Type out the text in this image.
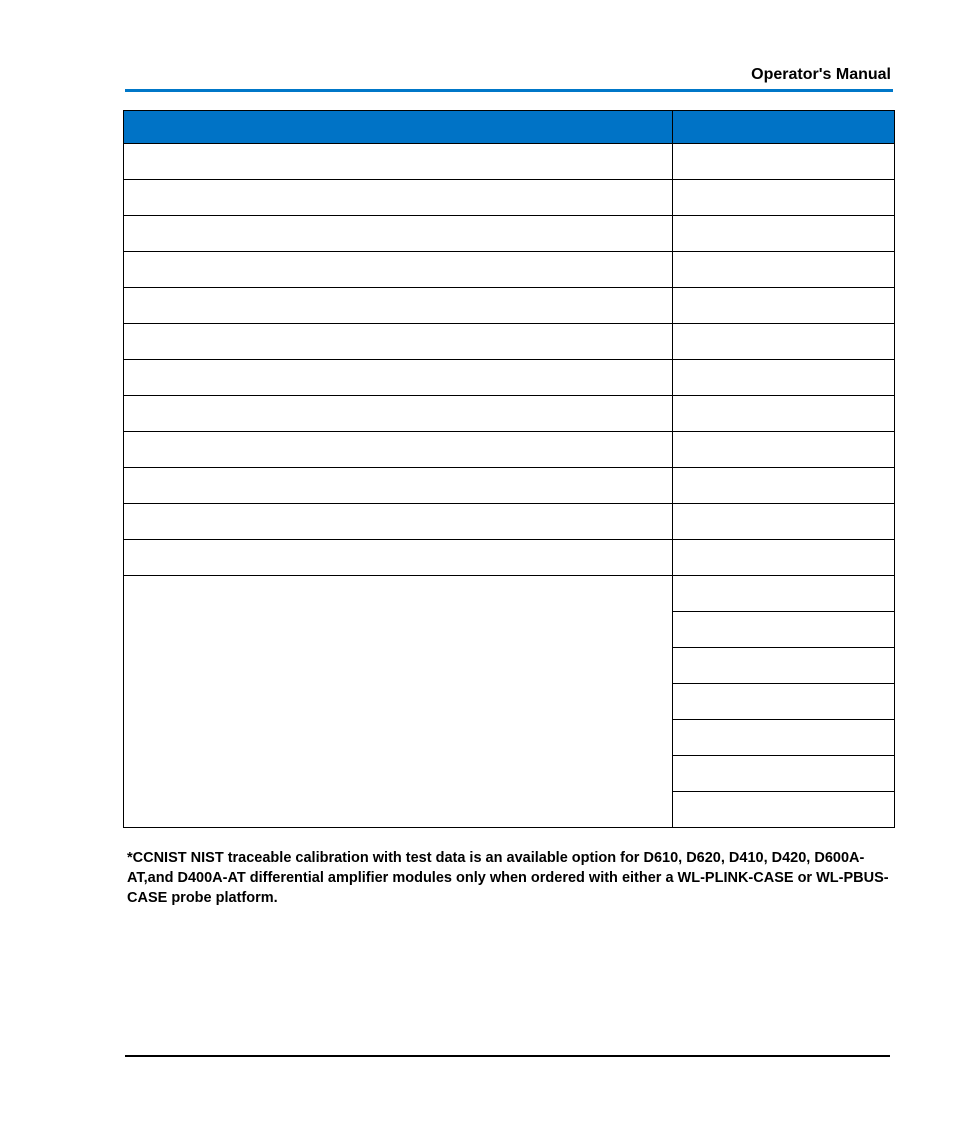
Operator's Manual

*CCNIST NIST traceable calibration with test data is an available option for D610, D620, D410, D420, D600A-AT,and D400A-AT differential amplifier modules only when ordered with either a WL-PLINK-CASE or WL-PBUS-CASE probe platform.
